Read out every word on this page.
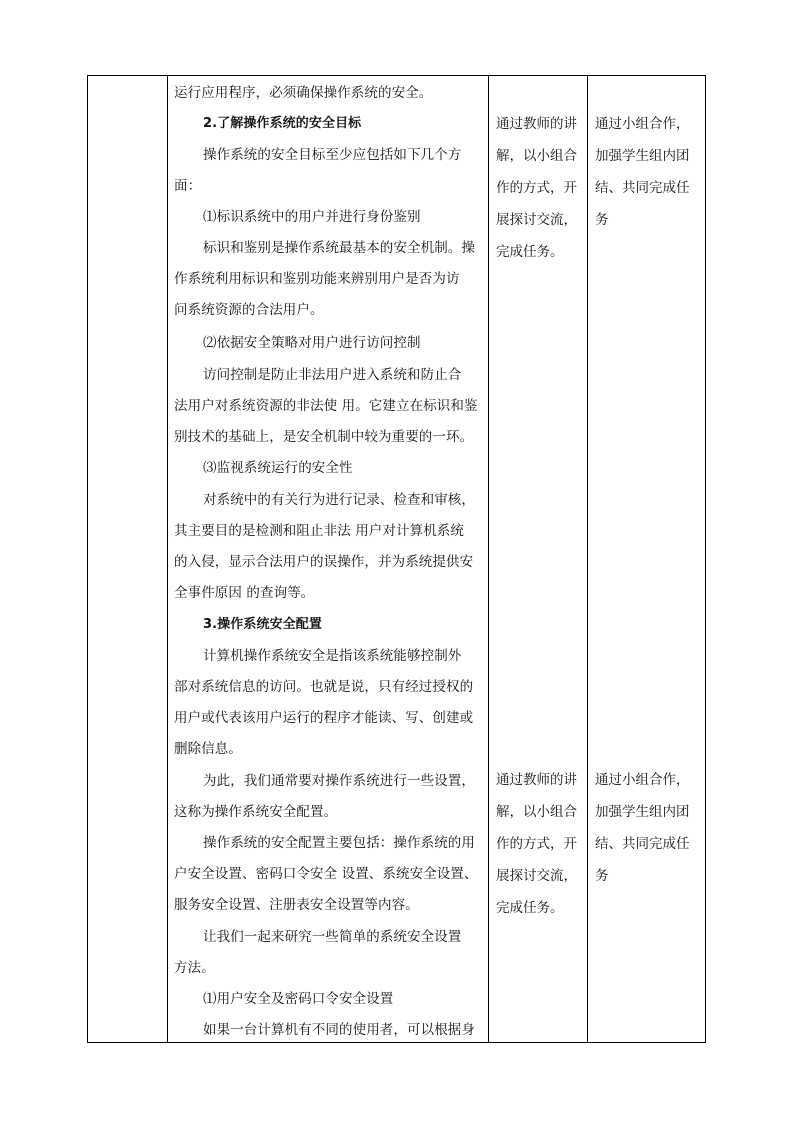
运行应用程序，必须确保操作系统的安全。
2.了解操作系统的安全目标
操作系统的安全目标至少应包括如下几个方
面：
⑴标识系统中的用户并进行身份鉴别
标识和鉴别是操作系统最基本的安全机制。操
作系统利用标识和鉴别功能来辨别用户是否为访
问系统资源的合法用户。
⑵依据安全策略对用户进行访问控制
访问控制是防止非法用户进入系统和防止合
法用户对系统资源的非法使 用。它建立在标识和鉴
别技术的基础上，是安全机制中较为重要的一环。
⑶监视系统运行的安全性
对系统中的有关行为进行记录、检查和审核，
其主要目的是检测和阻止非法 用户对计算机系统
的入侵，显示合法用户的误操作，并为系统提供安
全事件原因 的查询等。
3.操作系统安全配置
计算机操作系统安全是指该系统能够控制外
部对系统信息的访问。也就是说，只有经过授权的
用户或代表该用户运行的程序才能读、写、创建或
删除信息。
为此，我们通常要对操作系统进行一些设置，
这称为操作系统安全配置。
操作系统的安全配置主要包括：操作系统的用
户安全设置、密码口令安全 设置、系统安全设置、
服务安全设置、注册表安全设置等内容。
让我们一起来研究一些简单的系统安全设置
方法。
⑴用户安全及密码口令安全设置
如果一台计算机有不同的使用者，可以根据身
通过教师的讲
解，以小组合
作的方式，开
展探讨交流，
完成任务。
通过小组合作，
加强学生组内团
结、共同完成任
务
通过教师的讲
解，以小组合
作的方式，开
展探讨交流，
完成任务。
通过小组合作，
加强学生组内团
结、共同完成任
务
